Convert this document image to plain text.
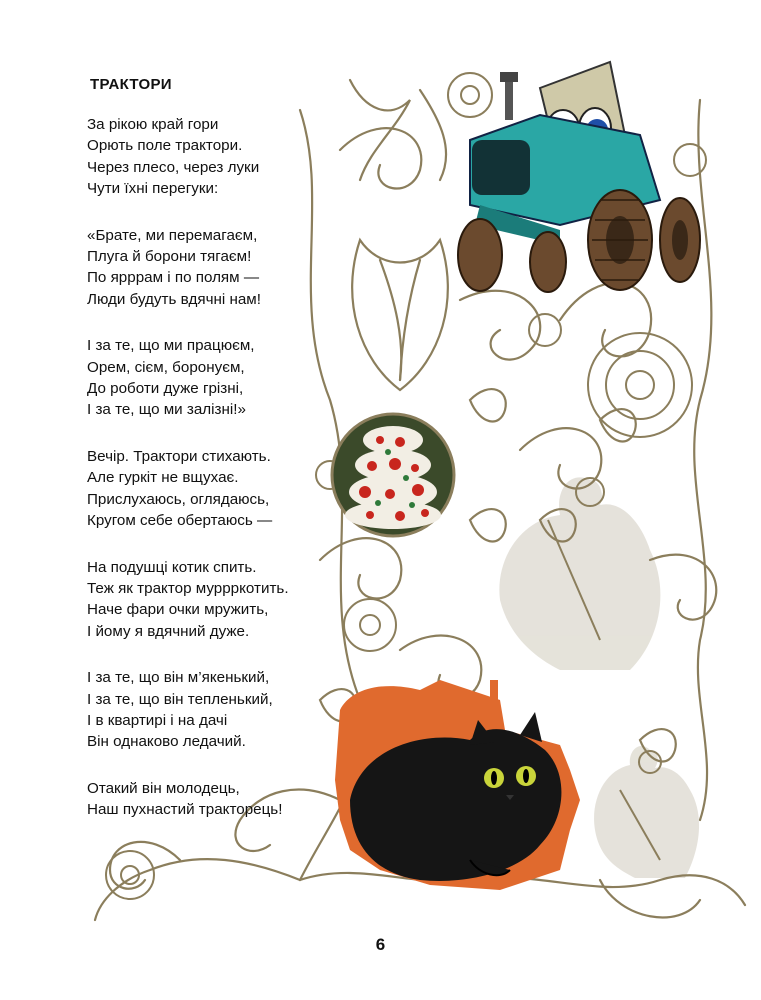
ТРАКТОРИ
За рікою край гори
Орють поле трактори.
Через плесо, через луки
Чути їхні перегуки:
«Брате, ми перемагаєм,
Плуга й борони тягаєм!
По ярррам і по полям —
Люди будуть вдячні нам!
І за те, що ми працюєм,
Орем, сієм, боронуєм,
До роботи дуже грізні,
І за те, що ми залізні!»
Вечір. Трактори стихають.
Але гуркіт не вщухає.
Прислухаюсь, оглядаюсь,
Кругом себе обертаюсь —
На подушці котик спить.
Теж як трактор муррркотить.
Наче фари очки мружить,
І йому я вдячний дуже.
І за те, що він м’якенький,
І за те, що він тепленький,
І в квартирі і на дачі
Він однаково ледачий.
Отакий він молодець,
Наш пухнастий тракторець!
6
